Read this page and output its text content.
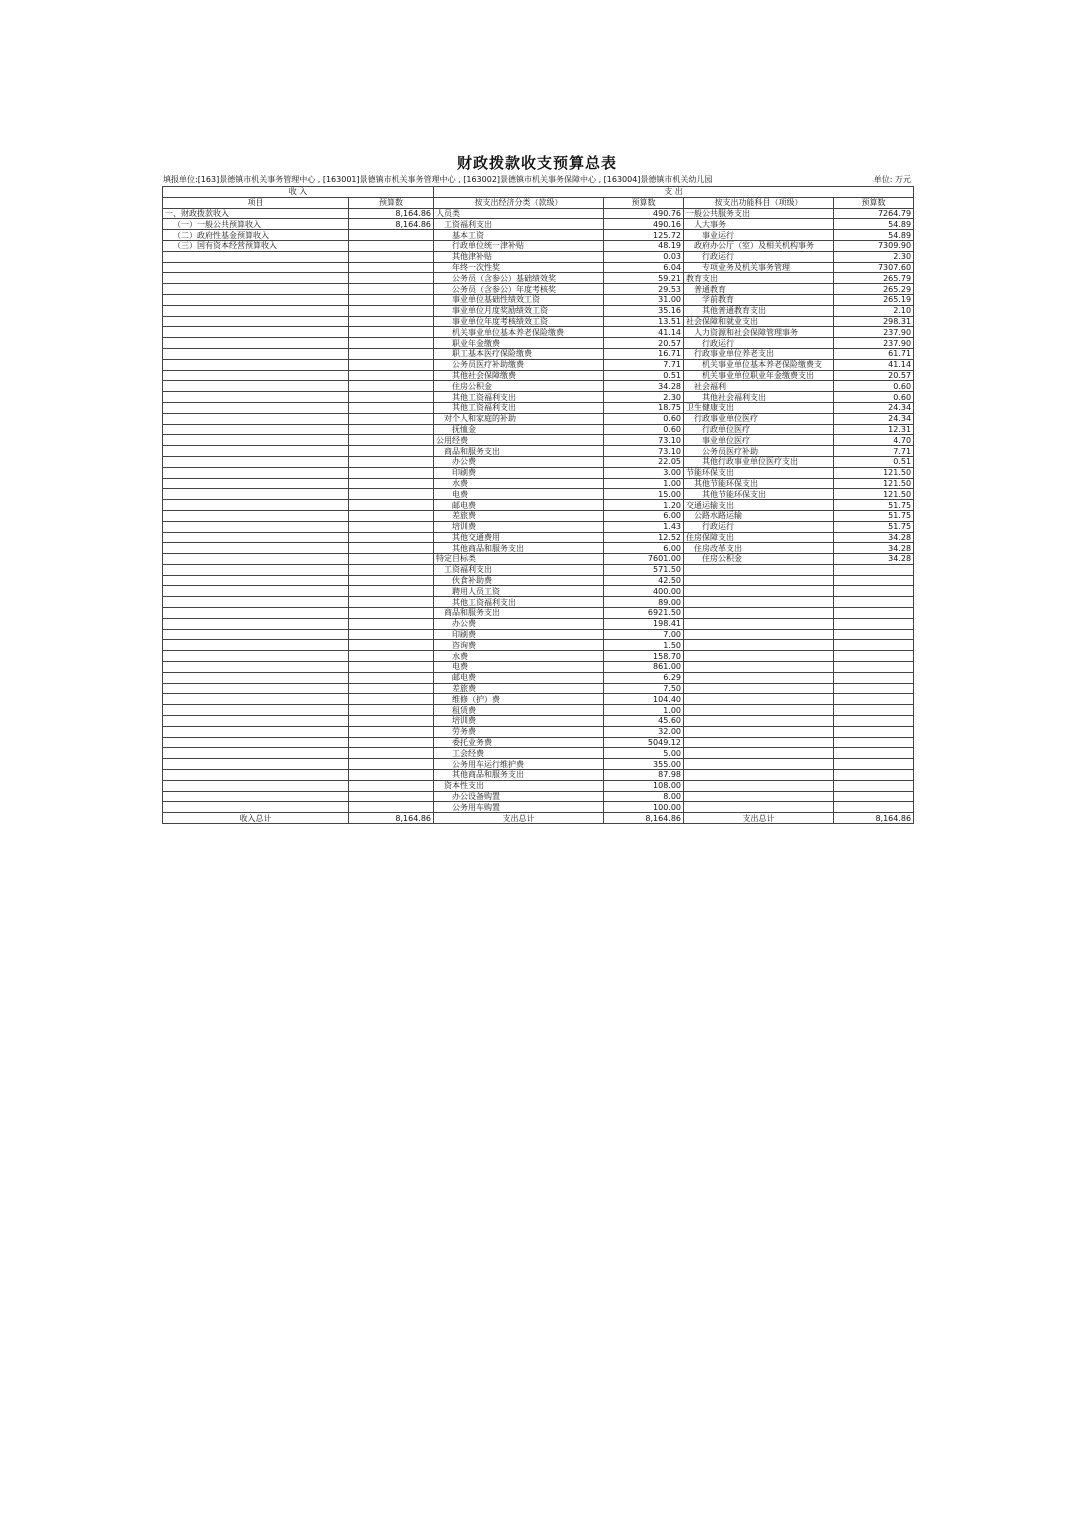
财政拨款收支预算总表
填报单位:[163]景德镇市机关事务管理中心 , [163001]景德镇市机关事务管理中心 , [163002]景德镇市机关事务保障中心 , [163004]景德镇市机关幼儿园	单位: 万元
收 入		支 出			
项目	预算数	按支出经济分类（款级）	预算数	按支出功能科目（项级）	预算数
一、财政拨款收入	8,164.86	人员类	490.76	一般公共服务支出	7264.79
（一）一般公共预算收入	8,164.86	工资福利支出	490.16	人大事务	54.89
（二）政府性基金预算收入		基本工资	125.72	事业运行	54.89
（三）国有资本经营预算收入		行政单位统一津补贴	48.19	政府办公厅（室）及相关机构事务	7309.90
		其他津补贴	0.03	行政运行	2.30
		年终一次性奖	6.04	专项业务及机关事务管理	7307.60
		公务员（含参公）基础绩效奖	59.21	教育支出	265.79
		公务员（含参公）年度考核奖	29.53	普通教育	265.29
		事业单位基础性绩效工资	31.00	学前教育	265.19
		事业单位月度奖励绩效工资	35.16	其他普通教育支出	2.10
		事业单位年度考核绩效工资	13.51	社会保障和就业支出	298.31
		机关事业单位基本养老保险缴费	41.14	人力资源和社会保障管理事务	237.90
		职业年金缴费	20.57	行政运行	237.90
		职工基本医疗保险缴费	16.71	行政事业单位养老支出	61.71
		公务员医疗补助缴费	7.71	机关事业单位基本养老保险缴费支	41.14
		其他社会保障缴费	0.51	机关事业单位职业年金缴费支出	20.57
		住房公积金	34.28	社会福利	0.60
		其他工资福利支出	2.30	其他社会福利支出	0.60
		其他工资福利支出	18.75	卫生健康支出	24.34
		对个人和家庭的补助	0.60	行政事业单位医疗	24.34
		抚恤金	0.60	行政单位医疗	12.31
		公用经费	73.10	事业单位医疗	4.70
		商品和服务支出	73.10	公务员医疗补助	7.71
		办公费	22.05	其他行政事业单位医疗支出	0.51
		印刷费	3.00	节能环保支出	121.50
		水费	1.00	其他节能环保支出	121.50
		电费	15.00	其他节能环保支出	121.50
		邮电费	1.20	交通运输支出	51.75
		差旅费	6.00	公路水路运输	51.75
		培训费	1.43	行政运行	51.75
		其他交通费用	12.52	住房保障支出	34.28
		其他商品和服务支出	6.00	住房改革支出	34.28
		特定目标类	7601.00	住房公积金	34.28
		工资福利支出	571.50		
		伙食补助费	42.50		
		聘用人员工资	400.00		
		其他工资福利支出	89.00		
		商品和服务支出	6921.50		
		办公费	198.41		
		印刷费	7.00		
		咨询费	1.50		
		水费	158.70		
		电费	861.00		
		邮电费	6.29		
		差旅费	7.50		
		维修（护）费	104.40		
		租赁费	1.00		
		培训费	45.60		
		劳务费	32.00		
		委托业务费	5049.12		
		工会经费	5.00		
		公务用车运行维护费	355.00		
		其他商品和服务支出	87.98		
		资本性支出	108.00		
		办公设备购置	8.00		
		公务用车购置	100.00		
收入总计	8,164.86	支出总计	8,164.86	支出总计	8,164.86
